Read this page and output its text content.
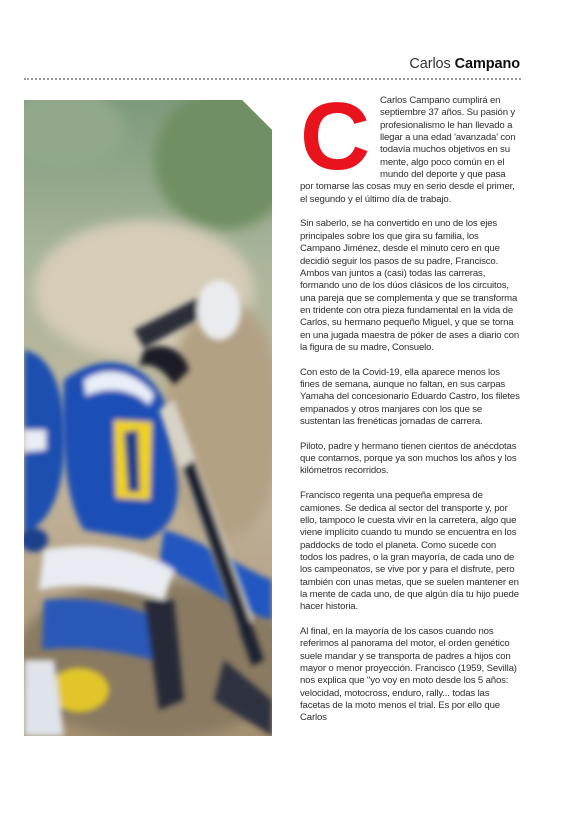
Carlos Campano
C	Carlos Campano cumplirá en septiembre 37 años. Su pasión y profesionalismo le han llevado a llegar a una edad 'avanzada' con todavía muchos objetivos en su mente, algo poco común en el mundo del deporte y que pasa por tomarse las cosas muy en serio desde el primer, el segundo y el último día de trabajo.

Sin saberlo, se ha convertido en uno de los ejes principales sobre los que gira su familia, los Campano Jiménez, desde el minuto cero en que decidió seguir los pasos de su padre, Francisco. Ambos van juntos a (casi) todas las carreras, formando uno de los dúos clásicos de los circuitos, una pareja que se complementa y que se transforma en tridente con otra pieza fundamental en la vida de Carlos, su hermano pequeño Miguel, y que se torna en una jugada maestra de póker de ases a diario con la figura de su madre, Consuelo.

Con esto de la Covid-19, ella aparece menos los fines de semana, aunque no faltan, en sus carpas Yamaha del concesionario Eduardo Castro, los filetes empanados y otros manjares con los que se sustentan las frenéticas jornadas de carrera.

Piloto, padre y hermano tienen cientos de anécdotas que contarnos, porque ya son muchos los años y los kilómetros recorridos.

Francisco regenta una pequeña empresa de camiones. Se dedica al sector del transporte y, por ello, tampoco le cuesta vivir en la carretera, algo que viene implícito cuando tu mundo se encuentra en los paddocks de todo el planeta. Como sucede con todos los padres, o la gran mayoría, de cada uno de los campeonatos, se vive por y para el disfrute, pero también con unas metas, que se suelen mantener en la mente de cada uno, de que algún día tu hijo puede hacer historia.

Al final, en la mayoría de los casos cuando nos referimos al panorama del motor, el orden genético suele mandar y se transporta de padres a hijos con mayor o menor proyección. Francisco (1959, Sevilla) nos explica que "yo voy en moto desde los 5 años: velocidad, motocross, enduro, rally... todas las facetas de la moto menos el trial. Es por ello que Carlos
